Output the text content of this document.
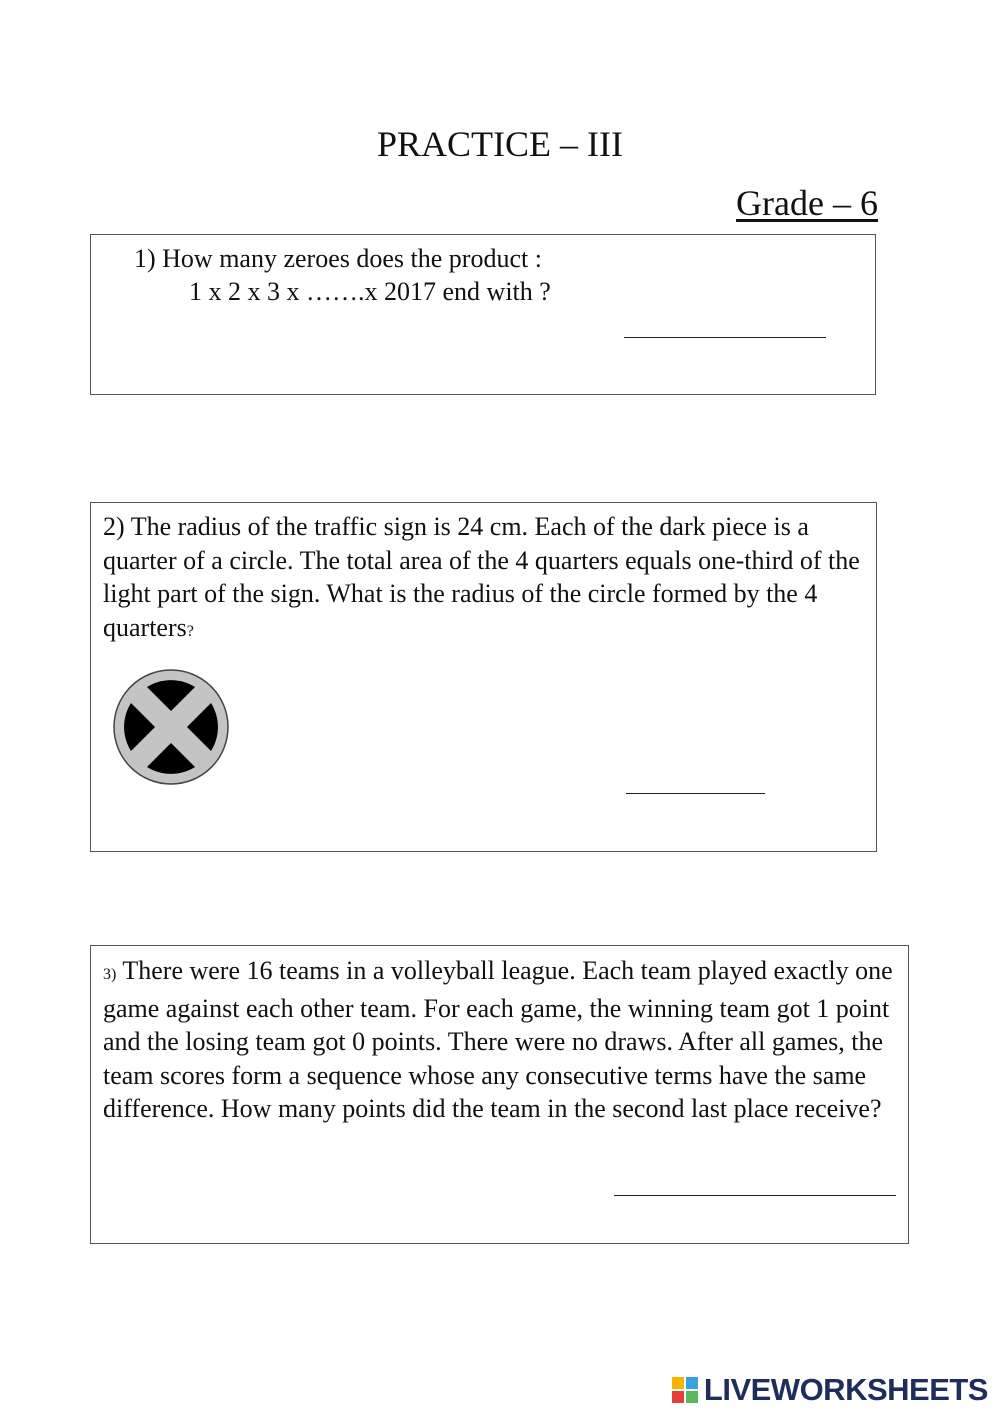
PRACTICE – III
Grade – 6
1) How many zeroes does the product :
1 x 2 x 3 x …….x 2017 end with ?
2) The radius of the traffic sign is 24 cm. Each of the dark piece is a quarter of a circle. The total area of the 4 quarters equals one-third of the light part of the sign. What is the radius of the circle formed by the 4 quarters?
3) There were 16 teams in a volleyball league. Each team played exactly one game against each other team. For each game, the winning team got 1 point and the losing team got 0 points. There were no draws. After all games, the team scores form a sequence whose any consecutive terms have the same difference. How many points did the team in the second last place receive?
LIVEWORKSHEETS
